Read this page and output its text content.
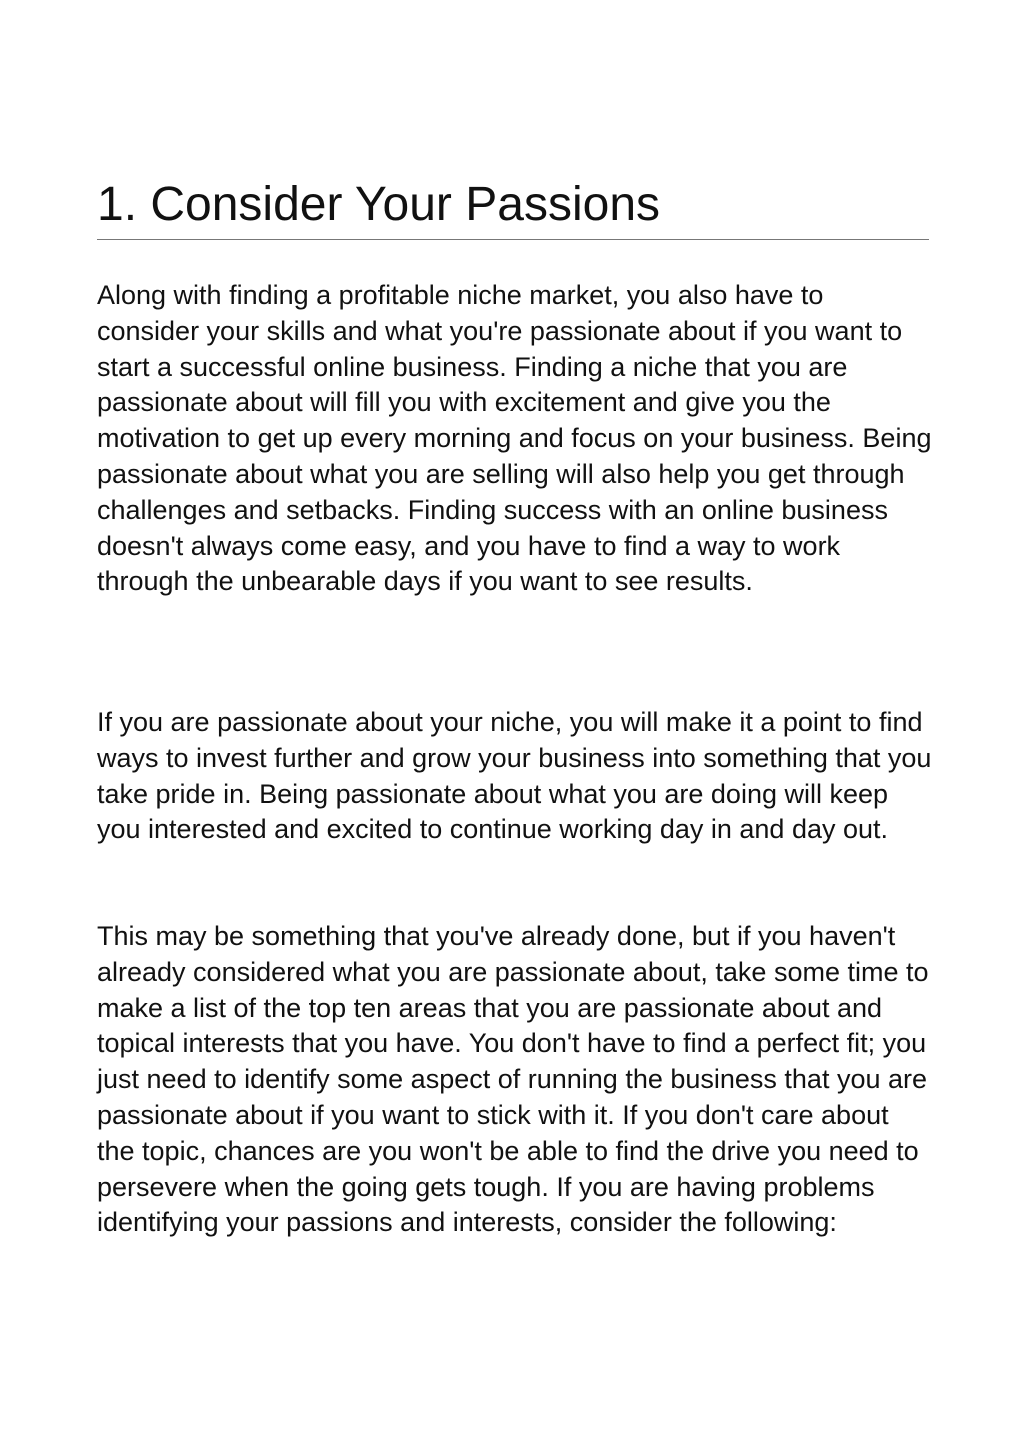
1. Consider Your Passions

Along with finding a profitable niche market, you also have to consider your skills and what you're passionate about if you want to start a successful online business. Finding a niche that you are passionate about will fill you with excitement and give you the motivation to get up every morning and focus on your business. Being passionate about what you are selling will also help you get through challenges and setbacks. Finding success with an online business doesn't always come easy, and you have to find a way to work through the unbearable days if you want to see results.

If you are passionate about your niche, you will make it a point to find ways to invest further and grow your business into something that you take pride in. Being passionate about what you are doing will keep you interested and excited to continue working day in and day out.

This may be something that you've already done, but if you haven't already considered what you are passionate about, take some time to make a list of the top ten areas that you are passionate about and topical interests that you have. You don't have to find a perfect fit; you just need to identify some aspect of running the business that you are passionate about if you want to stick with it. If you don't care about the topic, chances are you won't be able to find the drive you need to persevere when the going gets tough. If you are having problems identifying your passions and interests, consider the following:
